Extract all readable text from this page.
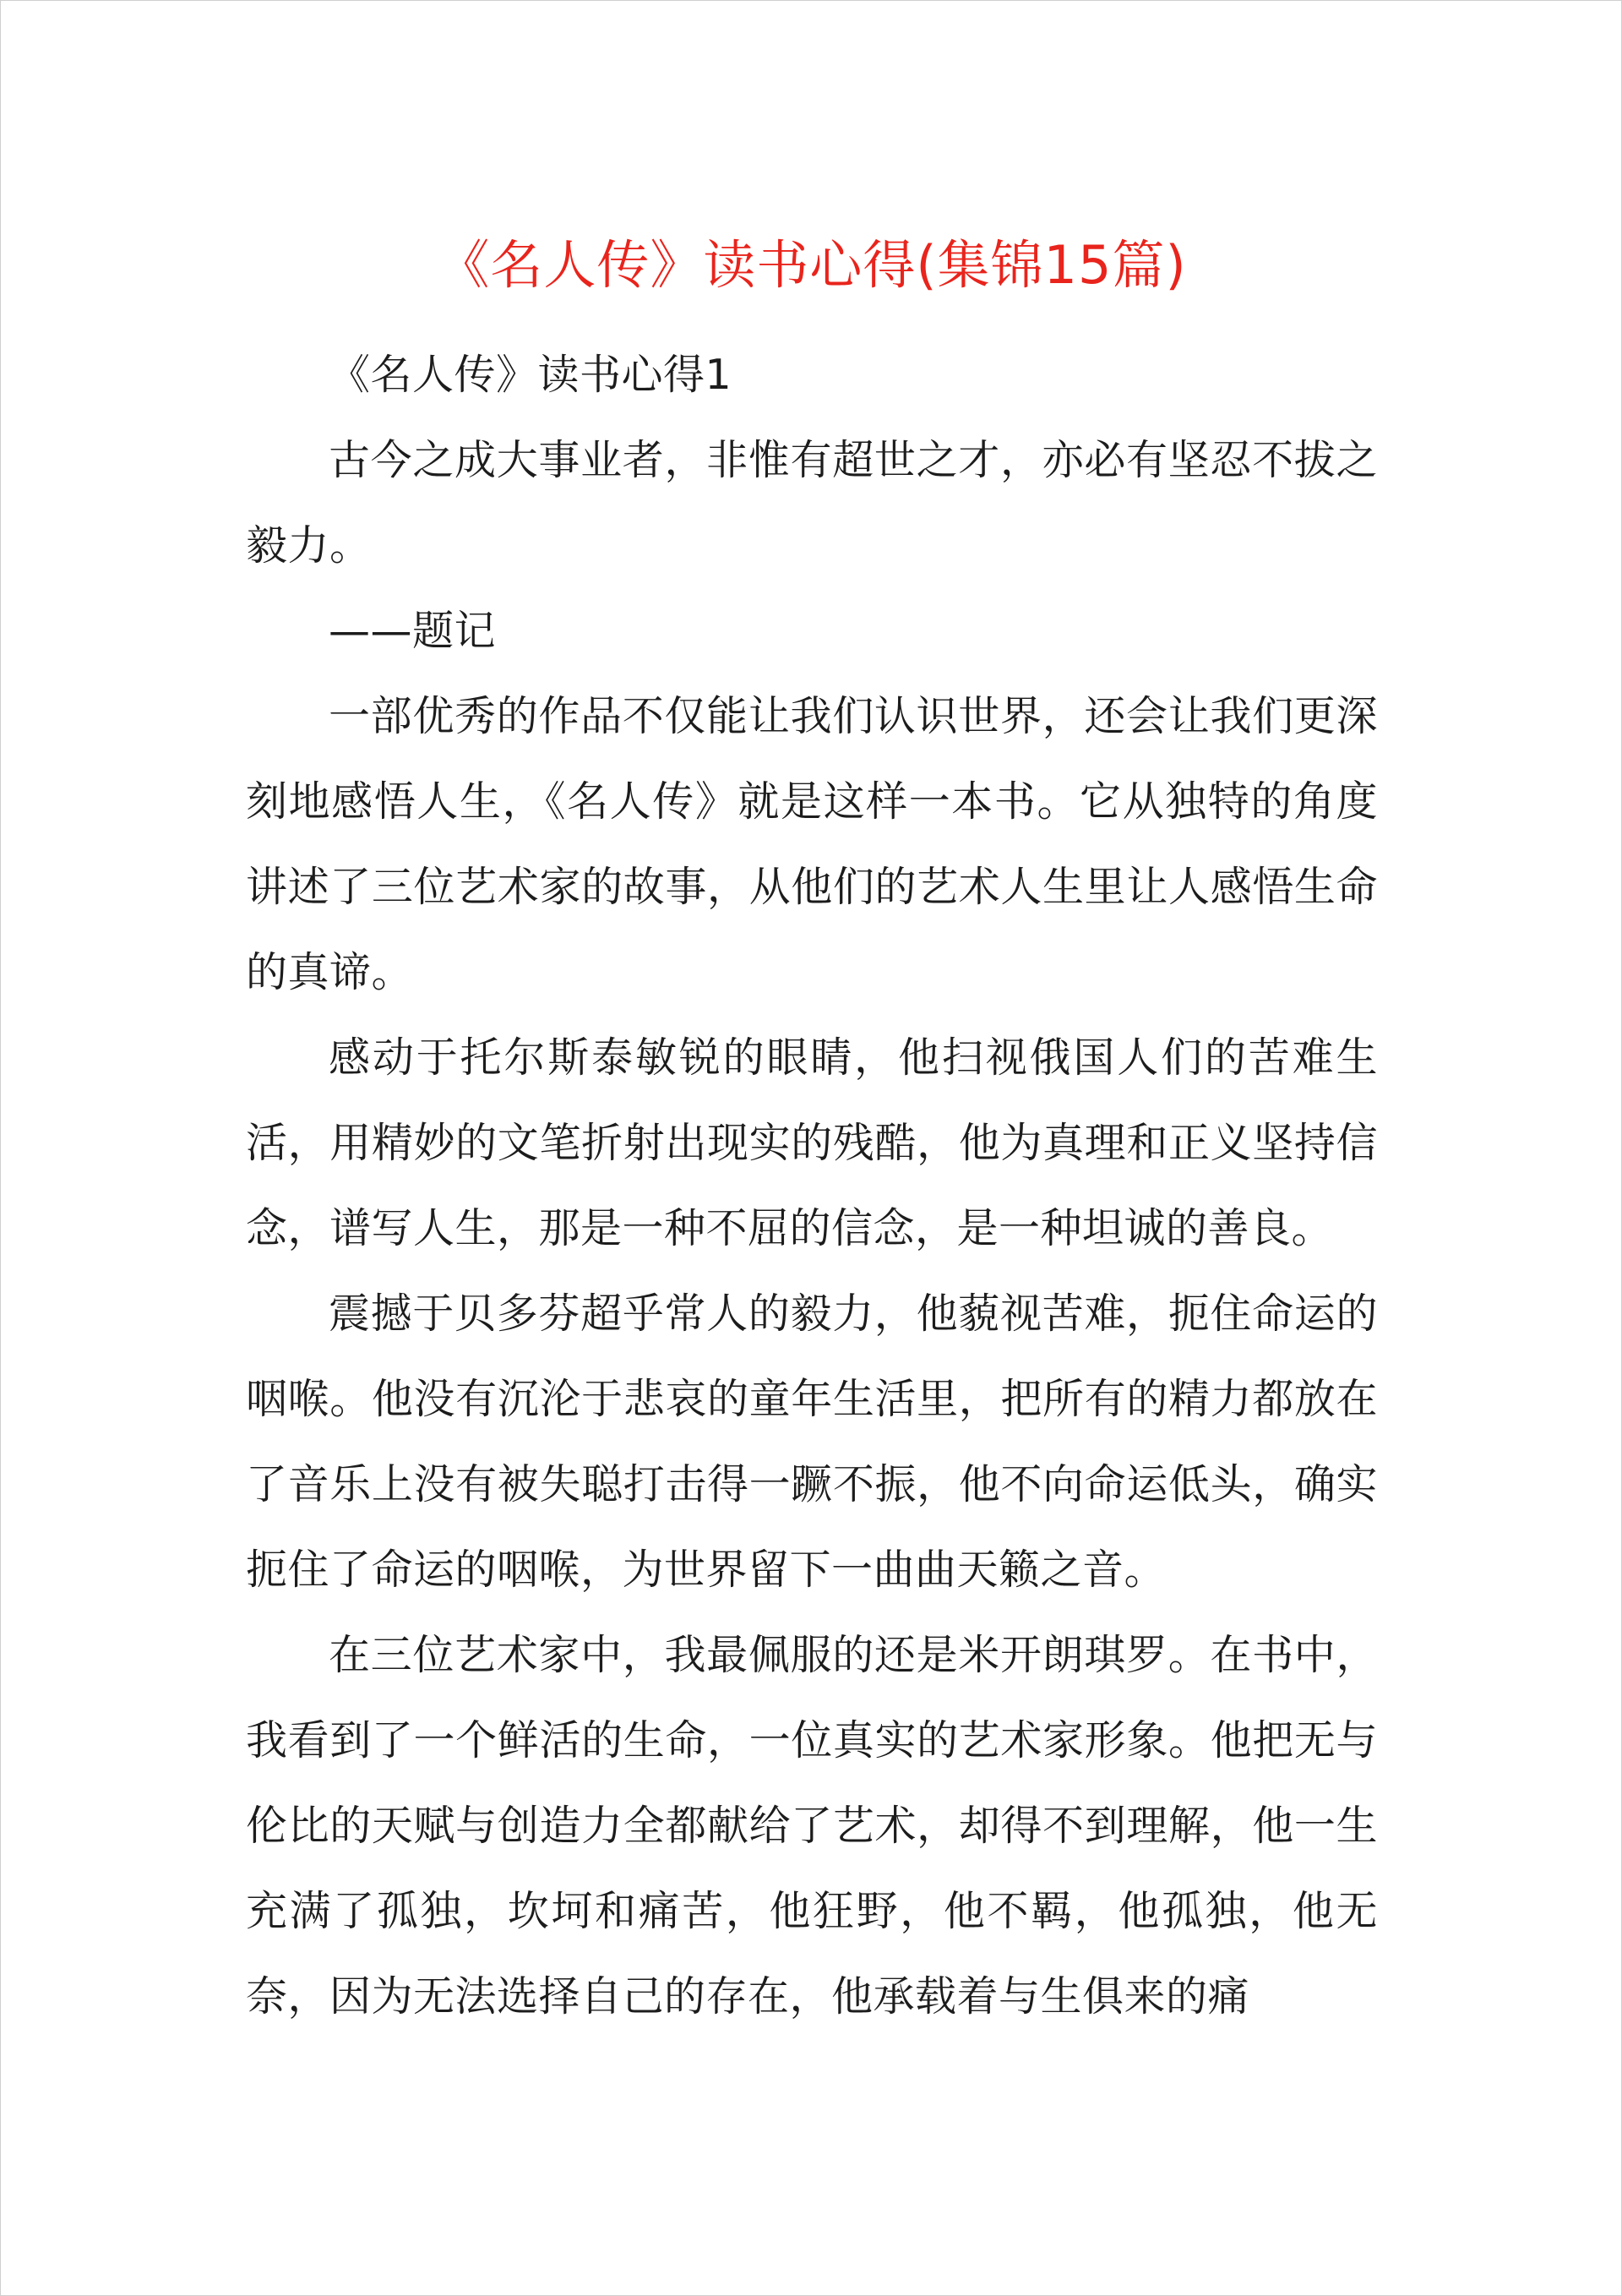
《名人传》读书心得(集锦15篇)

《名人传》读书心得1

古今之成大事业者，非惟有超世之才，亦必有坚忍不拔之毅力。

——题记

一部优秀的作品不仅能让我们认识世界，还会让我们更深刻地感悟人生，《名人传》就是这样一本书。它从独特的角度讲述了三位艺术家的故事，从他们的艺术人生里让人感悟生命的真谛。

感动于托尔斯泰敏锐的眼睛，他扫视俄国人们的苦难生活，用精妙的文笔折射出现实的残酷，他为真理和正义坚持信念，谱写人生，那是一种不屈的信念，是一种坦诚的善良。

震撼于贝多芬超乎常人的毅力，他藐视苦难，扼住命运的咽喉。他没有沉沦于悲哀的童年生活里，把所有的精力都放在了音乐上没有被失聪打击得一蹶不振，他不向命运低头，确实扼住了命运的咽喉，为世界留下一曲曲天籁之音。

在三位艺术家中，我最佩服的还是米开朗琪罗。在书中，我看到了一个鲜活的生命，一位真实的艺术家形象。他把无与伦比的天赋与创造力全都献给了艺术，却得不到理解，他一生充满了孤独，坎坷和痛苦，他狂野，他不羁，他孤独，他无奈，因为无法选择自己的存在，他承载着与生俱来的痛
